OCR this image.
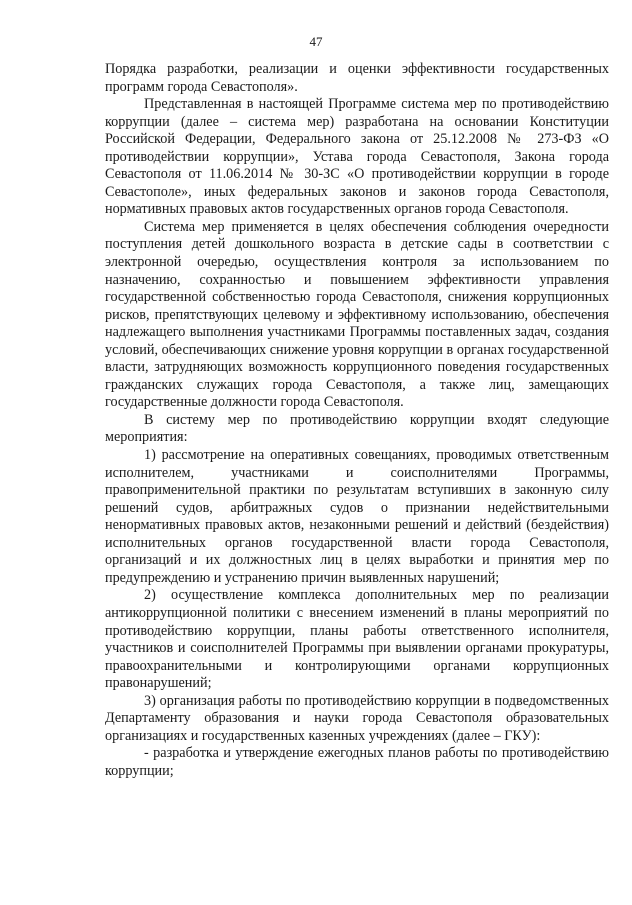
47

Порядка разработки, реализации и оценки эффективности государственных программ города Севастополя».

Представленная в настоящей Программе система мер по противодействию коррупции (далее – система мер) разработана на основании Конституции Российской Федерации, Федерального закона от 25.12.2008 № 273-ФЗ «О противодействии коррупции», Устава города Севастополя, Закона города Севастополя от 11.06.2014 № 30-ЗС «О противодействии коррупции в городе Севастополе», иных федеральных законов и законов города Севастополя, нормативных правовых актов государственных органов города Севастополя.

Система мер применяется в целях обеспечения соблюдения очередности поступления детей дошкольного возраста в детские сады в соответствии с электронной очередью, осуществления контроля за использованием по назначению, сохранностью и повышением эффективности управления государственной собственностью города Севастополя, снижения коррупционных рисков, препятствующих целевому и эффективному использованию, обеспечения надлежащего выполнения участниками Программы поставленных задач, создания условий, обеспечивающих снижение уровня коррупции в органах государственной власти, затрудняющих возможность коррупционного поведения государственных гражданских служащих города Севастополя, а также лиц, замещающих государственные должности города Севастополя.

В систему мер по противодействию коррупции входят следующие мероприятия:

1) рассмотрение на оперативных совещаниях, проводимых ответственным исполнителем, участниками и соисполнителями Программы, правоприменительной практики по результатам вступивших в законную силу решений судов, арбитражных судов о признании недействительными ненормативных правовых актов, незаконными решений и действий (бездействия) исполнительных органов государственной власти города Севастополя, организаций и их должностных лиц в целях выработки и принятия мер по предупреждению и устранению причин выявленных нарушений;

2) осуществление комплекса дополнительных мер по реализации антикоррупционной политики с внесением изменений в планы мероприятий по противодействию коррупции, планы работы ответственного исполнителя, участников и соисполнителей Программы при выявлении органами прокуратуры, правоохранительными и контролирующими органами коррупционных правонарушений;

3) организация работы по противодействию коррупции в подведомственных Департаменту образования и науки города Севастополя образовательных организациях и государственных казенных учреждениях (далее – ГКУ):

- разработка и утверждение ежегодных планов работы по противодействию коррупции;
